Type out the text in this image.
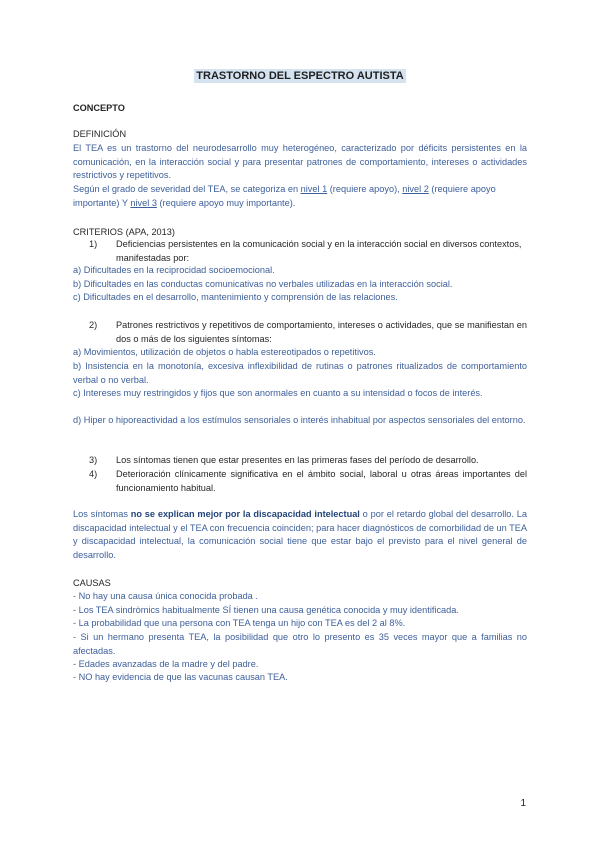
TRASTORNO DEL ESPECTRO AUTISTA
CONCEPTO
DEFINICIÓN
El TEA es un trastorno del neurodesarrollo muy heterogéneo, caracterizado por déficits persistentes en la comunicación, en la interacción social y para presentar patrones de comportamiento, intereses o actividades restrictivos y repetitivos.
Según el grado de severidad del TEA, se categoriza en nivel 1 (requiere apoyo), nivel 2 (requiere apoyo importante) Y nivel 3 (requiere apoyo muy importante).
CRITERIOS (APA, 2013)
1) Deficiencias persistentes en la comunicación social y en la interacción social en diversos contextos, manifestadas por:
a) Dificultades en la reciprocidad socioemocional.
b) Dificultades en las conductas comunicativas no verbales utilizadas en la interacción social.
c) Dificultades en el desarrollo, mantenimiento y comprensión de las relaciones.
2) Patrones restrictivos y repetitivos de comportamiento, intereses o actividades, que se manifiestan en dos o más de los siguientes síntomas:
a) Movimientos, utilización de objetos o habla estereotipados o repetitivos.
b) Insistencia en la monotonía, excesiva inflexibilidad de rutinas o patrones ritualizados de comportamiento verbal o no verbal.
c) Intereses muy restringidos y fijos que son anormales en cuanto a su intensidad o focos de interés.
d) Hiper o hiporeactividad a los estímulos sensoriales o interés inhabitual por aspectos sensoriales del entorno.
3) Los síntomas tienen que estar presentes en las primeras fases del período de desarrollo.
4) Deterioración clínicamente significativa en el ámbito social, laboral u otras áreas importantes del funcionamiento habitual.
Los síntomas no se explican mejor por la discapacidad intelectual o por el retardo global del desarrollo. La discapacidad intelectual y el TEA con frecuencia coinciden; para hacer diagnósticos de comorbilidad de un TEA y discapacidad intelectual, la comunicación social tiene que estar bajo el previsto para el nivel general de desarrollo.
CAUSAS
- No hay una causa única conocida probada .
- Los TEA sindròmics habitualmente SÍ tienen una causa genética conocida y muy identificada.
- La probabilidad que una persona con TEA tenga un hijo con TEA es del 2 al 8%.
- Si un hermano presenta TEA, la posibilidad que otro lo presento es 35 veces mayor que a familias no afectadas.
- Edades avanzadas de la madre y del padre.
- NO hay evidencia de que las vacunas causan TEA.
1
